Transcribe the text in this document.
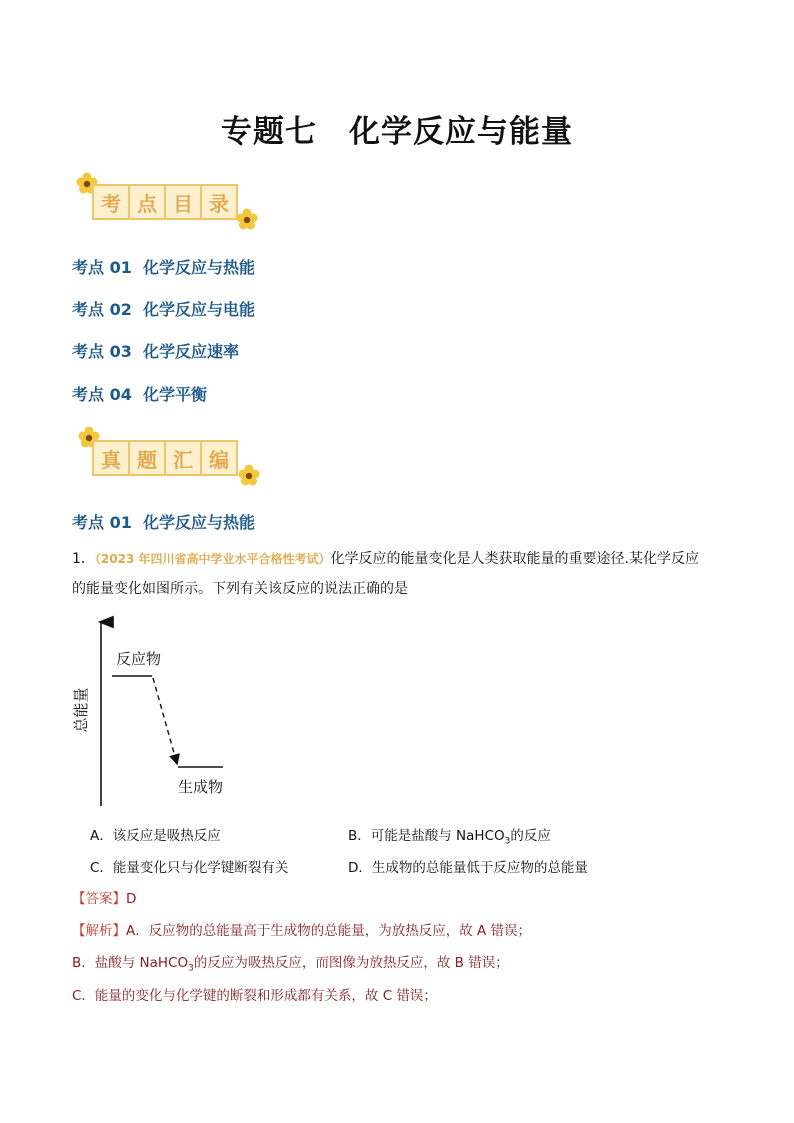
专题七　化学反应与能量
考 点 目 录
考点 01 化学反应与热能
考点 02 化学反应与电能
考点 03 化学反应速率
考点 04 化学平衡
真 题 汇 编
考点 01 化学反应与热能
1．（2023 年四川省高中学业水平合格性考试）化学反应的能量变化是人类获取能量的重要途径.某化学反应
的能量变化如图所示。下列有关该反应的说法正确的是
反应物
生成物
总能量
A．该反应是吸热反应	B．可能是盐酸与 NaHCO$_3$的反应
C．能量变化只与化学键断裂有关	D．生成物的总能量低于反应物的总能量
【答案】D
【解析】A．反应物的总能量高于生成物的总能量，为放热反应，故 A 错误；
B．盐酸与 NaHCO$_3$的反应为吸热反应，而图像为放热反应，故 B 错误；
C．能量的变化与化学键的断裂和形成都有关系，故 C 错误；
